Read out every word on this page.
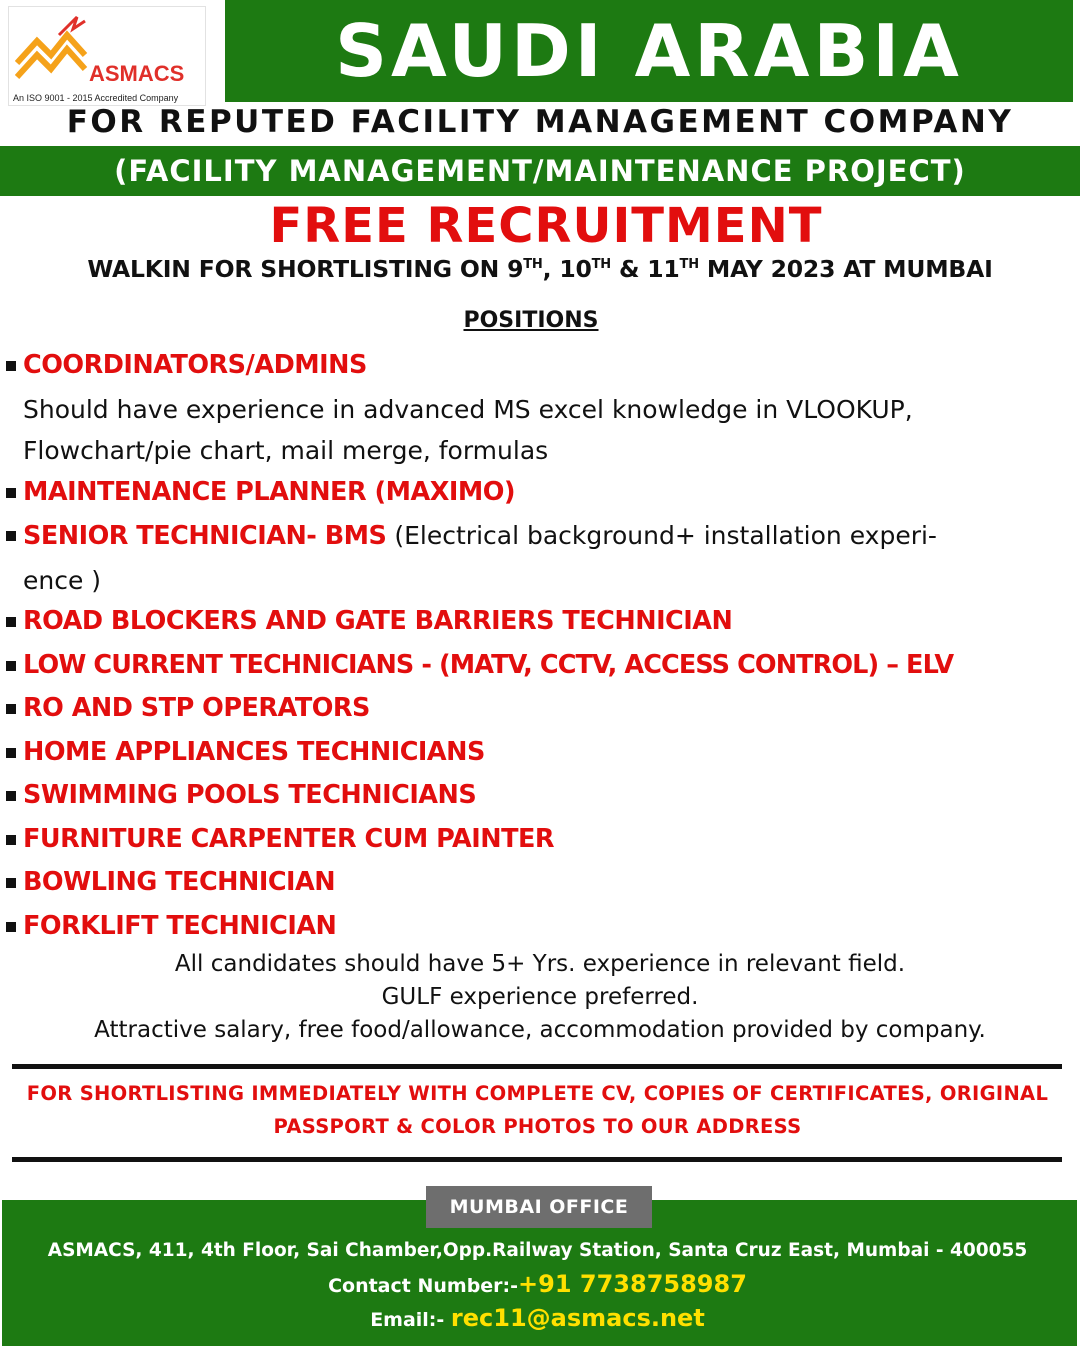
ASMACS
An ISO 9001 - 2015 Accredited Company
SAUDI ARABIA
FOR REPUTED FACILITY MANAGEMENT COMPANY
(FACILITY MANAGEMENT/MAINTENANCE PROJECT)
FREE RECRUITMENT
WALKIN FOR SHORTLISTING ON 9TH, 10TH & 11TH MAY 2023 AT MUMBAI
POSITIONS
COORDINATORS/ADMINS
Should have experience in advanced MS excel knowledge in VLOOKUP,
Flowchart/pie chart, mail merge, formulas
MAINTENANCE PLANNER (MAXIMO)
SENIOR TECHNICIAN- BMS (Electrical background+ installation experi-
ence )
ROAD BLOCKERS AND GATE BARRIERS TECHNICIAN
LOW CURRENT TECHNICIANS - (MATV, CCTV, ACCESS CONTROL) – ELV
RO AND STP OPERATORS
HOME APPLIANCES TECHNICIANS
SWIMMING POOLS TECHNICIANS
FURNITURE CARPENTER CUM PAINTER
BOWLING TECHNICIAN
FORKLIFT TECHNICIAN
All candidates should have 5+ Yrs. experience in relevant field.
GULF experience preferred.
Attractive salary, free food/allowance, accommodation provided by company.
FOR SHORTLISTING IMMEDIATELY WITH COMPLETE CV, COPIES OF CERTIFICATES, ORIGINAL
PASSPORT & COLOR PHOTOS TO OUR ADDRESS
MUMBAI OFFICE
ASMACS, 411, 4th Floor, Sai Chamber,Opp.Railway Station, Santa Cruz East, Mumbai - 400055
Contact Number:-+91 7738758987
Email:- rec11@asmacs.net
